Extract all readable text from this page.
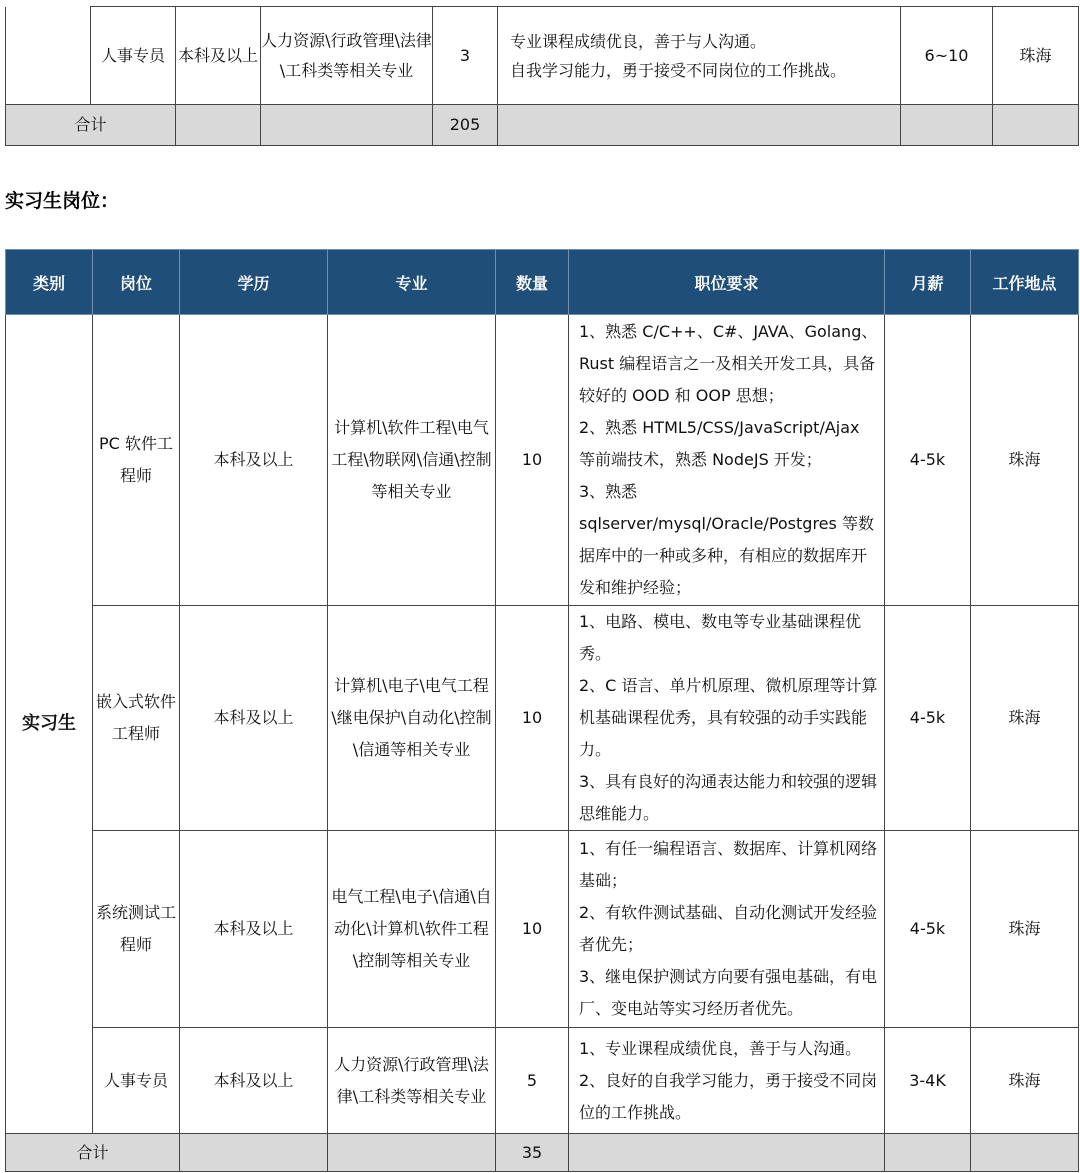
	人事专员	本科及以上	人力资源\行政管理\法律\工科类等相关专业	3	专业课程成绩优良，善于与人沟通。
自我学习能力，勇于接受不同岗位的工作挑战。	6~10	珠海
合计				205			
实习生岗位：
类别	岗位	学历	专业	数量	职位要求	月薪	工作地点
实习生	PC 软件工程师	本科及以上	计算机\软件工程\电气工程\物联网\信通\控制等相关专业	10	1、熟悉 C/C++、C#、JAVA、Golang、Rust 编程语言之一及相关开发工具，具备较好的 OOD 和 OOP 思想；
2、熟悉 HTML5/CSS/JavaScript/Ajax 等前端技术，熟悉 NodeJS 开发；
3、熟悉 sqlserver/mysql/Oracle/Postgres 等数据库中的一种或多种，有相应的数据库开发和维护经验；	4-5k	珠海
	嵌入式软件工程师	本科及以上	计算机\电子\电气工程\继电保护\自动化\控制\信通等相关专业	10	1、电路、模电、数电等专业基础课程优秀。
2、C 语言、单片机原理、微机原理等计算机基础课程优秀，具有较强的动手实践能力。
3、具有良好的沟通表达能力和较强的逻辑思维能力。	4-5k	珠海
	系统测试工程师	本科及以上	电气工程\电子\信通\自动化\计算机\软件工程\控制等相关专业	10	1、有任一编程语言、数据库、计算机网络基础；
2、有软件测试基础、自动化测试开发经验者优先；
3、继电保护测试方向要有强电基础，有电厂、变电站等实习经历者优先。	4-5k	珠海
	人事专员	本科及以上	人力资源\行政管理\法律\工科类等相关专业	5	1、专业课程成绩优良，善于与人沟通。
2、良好的自我学习能力，勇于接受不同岗位的工作挑战。	3-4K	珠海
合计				35			
